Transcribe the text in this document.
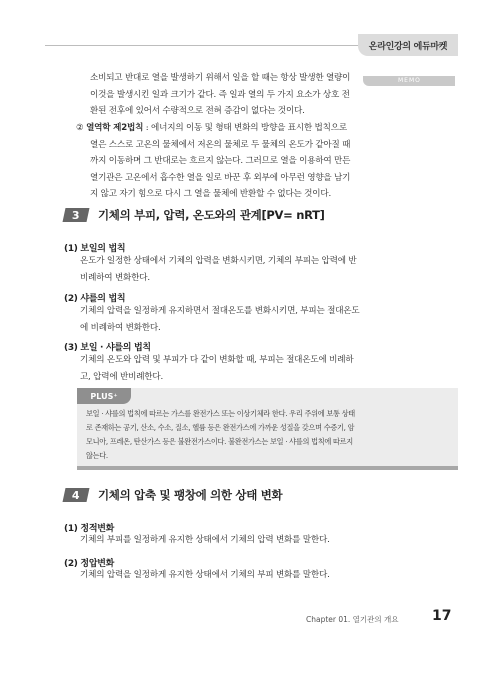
온라인강의 에듀마켓
MEMO
소비되고 반대로 열을 발생하기 위해서 일을 할 때는 항상 발생한 열량이
이것을 발생시킨 일과 크기가 같다. 즉 일과 열의 두 가지 요소가 상호 전
환된 전후에 있어서 수량적으로 전혀 증감이 없다는 것이다.
② 열역학 제2법칙 : 에너지의 이동 및 형태 변화의 방향을 표시한 법칙으로
열은 스스로 고온의 물체에서 저온의 물체로 두 물체의 온도가 같아질 때
까지 이동하며 그 반대로는 흐르지 않는다. 그러므로 열을 이용하여 만든
열기관은 고온에서 흡수한 열을 일로 바꾼 후 외부에 아무런 영향을 남기
지 않고 자기 힘으로 다시 그 열을 물체에 반환할 수 없다는 것이다.
3 기체의 부피, 압력, 온도와의 관계[PV= nRT]
(1) 보일의 법칙
온도가 일정한 상태에서 기체의 압력을 변화시키면, 기체의 부피는 압력에 반
비례하여 변화한다.
(2) 샤를의 법칙
기체의 압력을 일정하게 유지하면서 절대온도를 변화시키면, 부피는 절대온도
에 비례하여 변화한다.
(3) 보일 · 샤를의 법칙
기체의 온도와 압력 및 부피가 다 같이 변화할 때, 부피는 절대온도에 비례하
고, 압력에 반비례한다.
PLUS⁺
보일 · 샤를의 법칙에 따르는 가스를 완전가스 또는 이상기체라 한다. 우리 주위에 보통 상태
로 존재하는 공기, 산소, 수소, 질소, 헬륨 등은 완전가스에 가까운 성질을 갖으며 수증기, 암
모니아, 프레온, 탄산가스 등은 불완전가스이다. 불완전가스는 보일 · 샤를의 법칙에 따르지
않는다.
4 기체의 압축 및 팽창에 의한 상태 변화
(1) 정적변화
기체의 부피를 일정하게 유지한 상태에서 기체의 압력 변화를 말한다.
(2) 정압변화
기체의 압력을 일정하게 유지한 상태에서 기체의 부피 변화를 말한다.
Chapter 01. 열기관의 개요 17
